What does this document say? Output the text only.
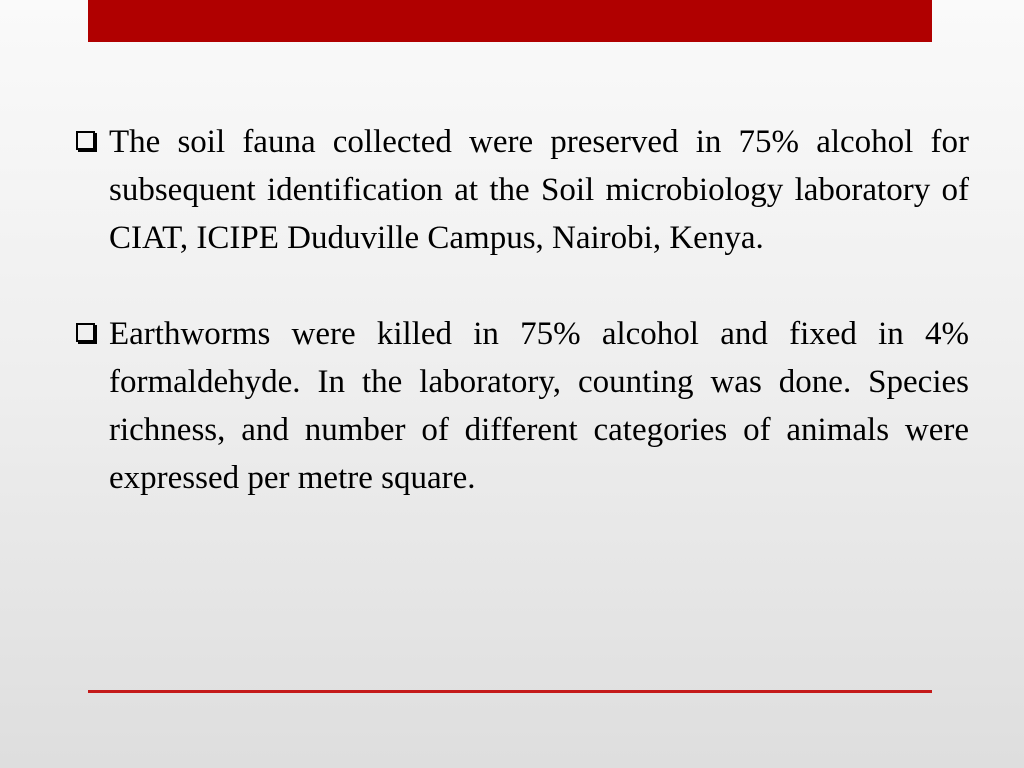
The soil fauna collected were preserved in 75% alcohol for subsequent identification at the Soil microbiology laboratory of CIAT, ICIPE Duduville Campus, Nairobi, Kenya.
Earthworms were killed in 75% alcohol and fixed in 4% formaldehyde. In the laboratory, counting was done. Species richness, and number of different categories of animals were expressed per metre square.
